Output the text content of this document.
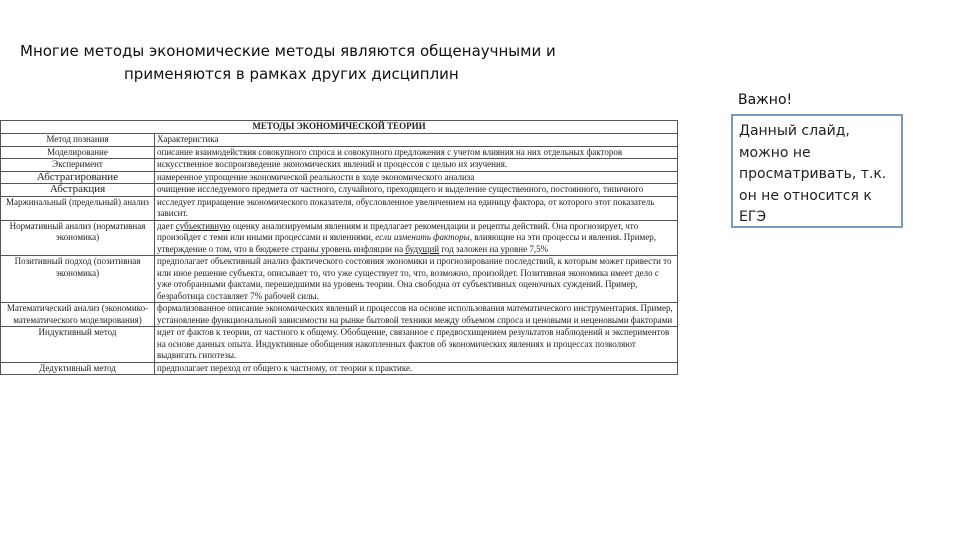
Многие методы экономические методы являются общенаучными и
применяются в рамках других дисциплин
Важно!
Данный слайд, можно не просматривать, т.к. он не относится к ЕГЭ
МЕТОДЫ ЭКОНОМИЧЕСКОЙ ТЕОРИИ	
Метод познания	Характеристика
Моделирование	описание взаимодействия совокупного спроса и совокупного предложения с учетом влияния на них отдельных факторов
Эксперимент	искусственное воспроизведение экономических явлений и процессов с целью их изучения.
Абстрагирование	намеренное упрощение экономической реальности в ходе экономического анализа
Абстракция	очищение исследуемого предмета от частного, случайного, преходящего и выделение существенного, постоянного, типичного
Маржинальный (предельный) анализ	исследует приращение экономического показателя, обусловленное увеличением на единицу фактора, от которого этот показатель зависит.
Нормативный анализ (нормативная экономика)	дает субъективную оценку анализируемым явлениям и предлагает рекомендации и рецепты действий. Она прогнозирует, что произойдет с теми или иными процессами и явлениями, если изменить факторы, влияющие на эти процессы и явления. Пример, утверждение о том, что в бюджете страны уровень инфляции на будущий год заложен на уровне 7,5%
Позитивный подход (позитивная экономика)	предполагает объективный анализ фактического состояния экономики и прогнозирование последствий, к которым может привести то или иное решение субъекта, описывает то, что уже существует то, что, возможно, произойдет. Позитивная экономика имеет дело с уже отобранными фактами, перешедшими на уровень теории. Она свободна от субъективных оценочных суждений. Пример, безработица составляет 7% рабочей силы.
Математический анализ (экономико-математического моделирования)	формализованное описание экономических явлений и процессов на основе использования математического инструментария. Пример, установление функциональной зависимости на рынке бытовой техники между объемом спроса и ценовыми и неценовыми факторами
Индуктивный метод	идет от фактов к теории, от частного к общему. Обобщение, связанное с предвосхищением результатов наблюдений и экспериментов на основе данных опыта. Индуктивные обобщения накопленных фактов об экономических явлениях и процессах позволяют выдвигать гипотезы.
Дедуктивный метод	предполагает переход от общего к частному, от теории к практике.
